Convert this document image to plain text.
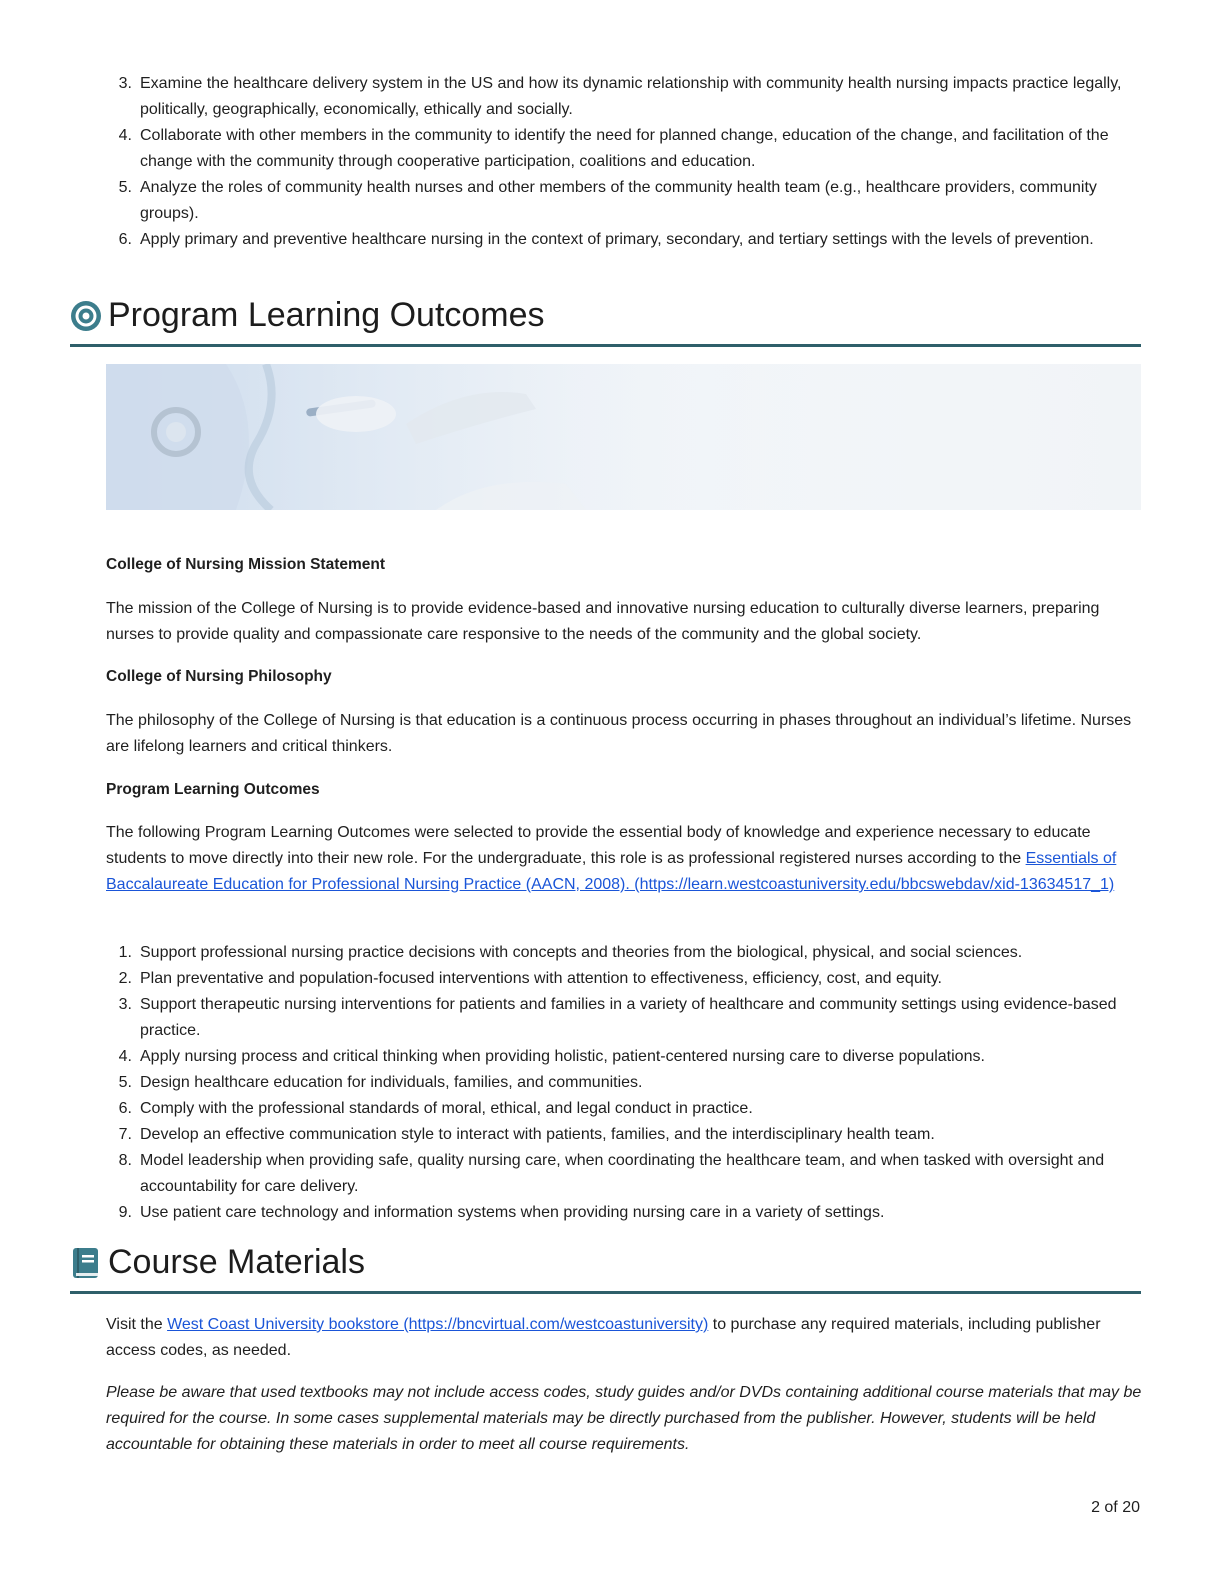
3. Examine the healthcare delivery system in the US and how its dynamic relationship with community health nursing impacts practice legally, politically, geographically, economically, ethically and socially.
4. Collaborate with other members in the community to identify the need for planned change, education of the change, and facilitation of the change with the community through cooperative participation, coalitions and education.
5. Analyze the roles of community health nurses and other members of the community health team (e.g., healthcare providers, community groups).
6. Apply primary and preventive healthcare nursing in the context of primary, secondary, and tertiary settings with the levels of prevention.
Program Learning Outcomes
College of Nursing Mission Statement

The mission of the College of Nursing is to provide evidence-based and innovative nursing education to culturally diverse learners, preparing nurses to provide quality and compassionate care responsive to the needs of the community and the global society.

College of Nursing Philosophy

The philosophy of the College of Nursing is that education is a continuous process occurring in phases throughout an individual’s lifetime. Nurses are lifelong learners and critical thinkers.

Program Learning Outcomes

The following Program Learning Outcomes were selected to provide the essential body of knowledge and experience necessary to educate students to move directly into their new role. For the undergraduate, this role is as professional registered nurses according to the Essentials of Baccalaureate Education for Professional Nursing Practice (AACN, 2008). (https://learn.westcoastuniversity.edu/bbcswebdav/xid-13634517_1)

1. Support professional nursing practice decisions with concepts and theories from the biological, physical, and social sciences.
2. Plan preventative and population-focused interventions with attention to effectiveness, efficiency, cost, and equity.
3. Support therapeutic nursing interventions for patients and families in a variety of healthcare and community settings using evidence-based practice.
4. Apply nursing process and critical thinking when providing holistic, patient-centered nursing care to diverse populations.
5. Design healthcare education for individuals, families, and communities.
6. Comply with the professional standards of moral, ethical, and legal conduct in practice.
7. Develop an effective communication style to interact with patients, families, and the interdisciplinary health team.
8. Model leadership when providing safe, quality nursing care, when coordinating the healthcare team, and when tasked with oversight and accountability for care delivery.
9. Use patient care technology and information systems when providing nursing care in a variety of settings.
Course Materials

Visit the West Coast University bookstore (https://bncvirtual.com/westcoastuniversity) to purchase any required materials, including publisher access codes, as needed.

Please be aware that used textbooks may not include access codes, study guides and/or DVDs containing additional course materials that may be required for the course. In some cases supplemental materials may be directly purchased from the publisher. However, students will be held accountable for obtaining these materials in order to meet all course requirements.

2 of 20
